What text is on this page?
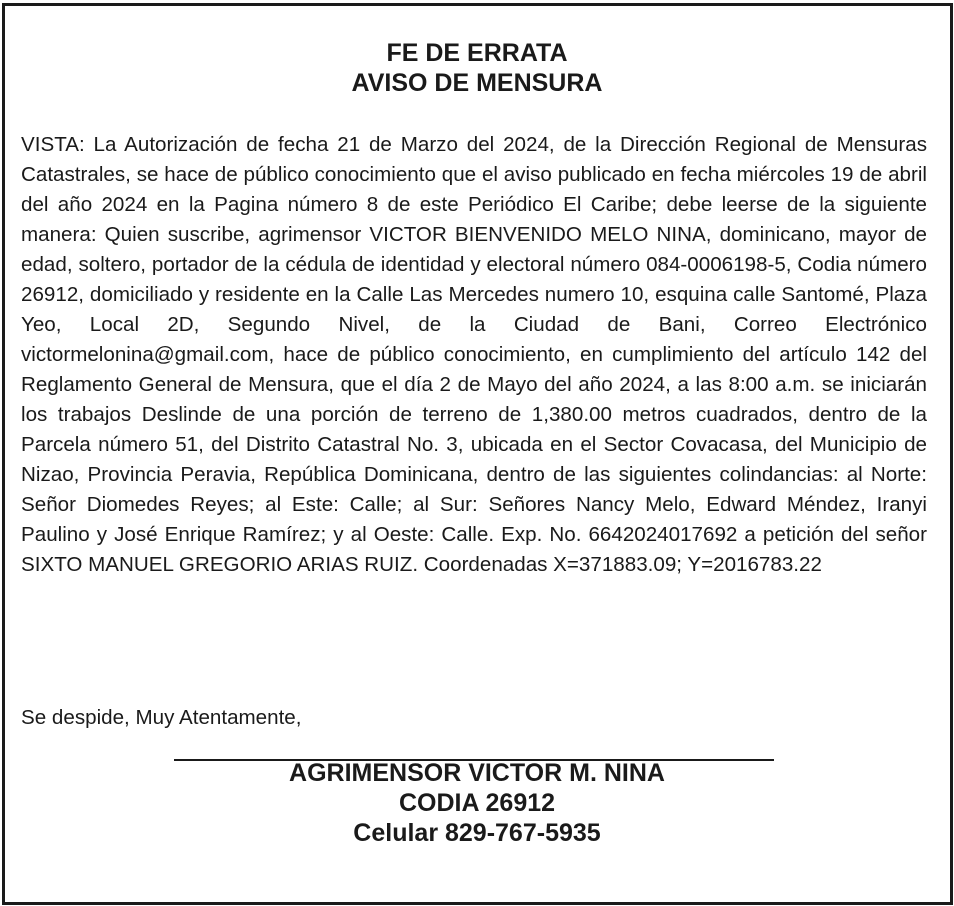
FE DE ERRATA
AVISO DE MENSURA

VISTA: La Autorización de fecha 21 de Marzo del 2024, de la Dirección Regional de Mensuras Catastrales, se hace de público conocimiento que el aviso publicado en fecha miércoles 19 de abril del año 2024 en la Pagina número 8 de este Periódico El Caribe; debe leerse de la siguiente manera: Quien suscribe, agrimensor VICTOR BIENVENIDO MELO NINA, dominicano, mayor de edad, soltero, portador de la cédula de identidad y electoral número 084-0006198-5, Codia número 26912, domiciliado y residente en la Calle Las Mercedes numero 10, esquina calle Santomé, Plaza Yeo, Local 2D, Segundo Nivel, de la Ciudad de Bani, Correo Electrónico victormelonina@gmail.com, hace de público conocimiento, en cumplimiento del artículo 142 del Reglamento General de Mensura, que el día 2 de Mayo del año 2024, a las 8:00 a.m. se iniciarán los trabajos Deslinde de una porción de terreno de 1,380.00 metros cuadrados, dentro de la Parcela número 51, del Distrito Catastral No. 3, ubicada en el Sector Covacasa, del Municipio de Nizao, Provincia Peravia, República Dominicana, dentro de las siguientes colindancias: al Norte: Señor Diomedes Reyes; al Este: Calle; al Sur: Señores Nancy Melo, Edward Méndez, Iranyi Paulino y José Enrique Ramírez; y al Oeste: Calle. Exp. No. 6642024017692 a petición del señor SIXTO MANUEL GREGORIO ARIAS RUIZ. Coordenadas X=371883.09; Y=2016783.22

Se despide, Muy Atentamente,

AGRIMENSOR VICTOR M. NINA
CODIA 26912
Celular 829-767-5935
